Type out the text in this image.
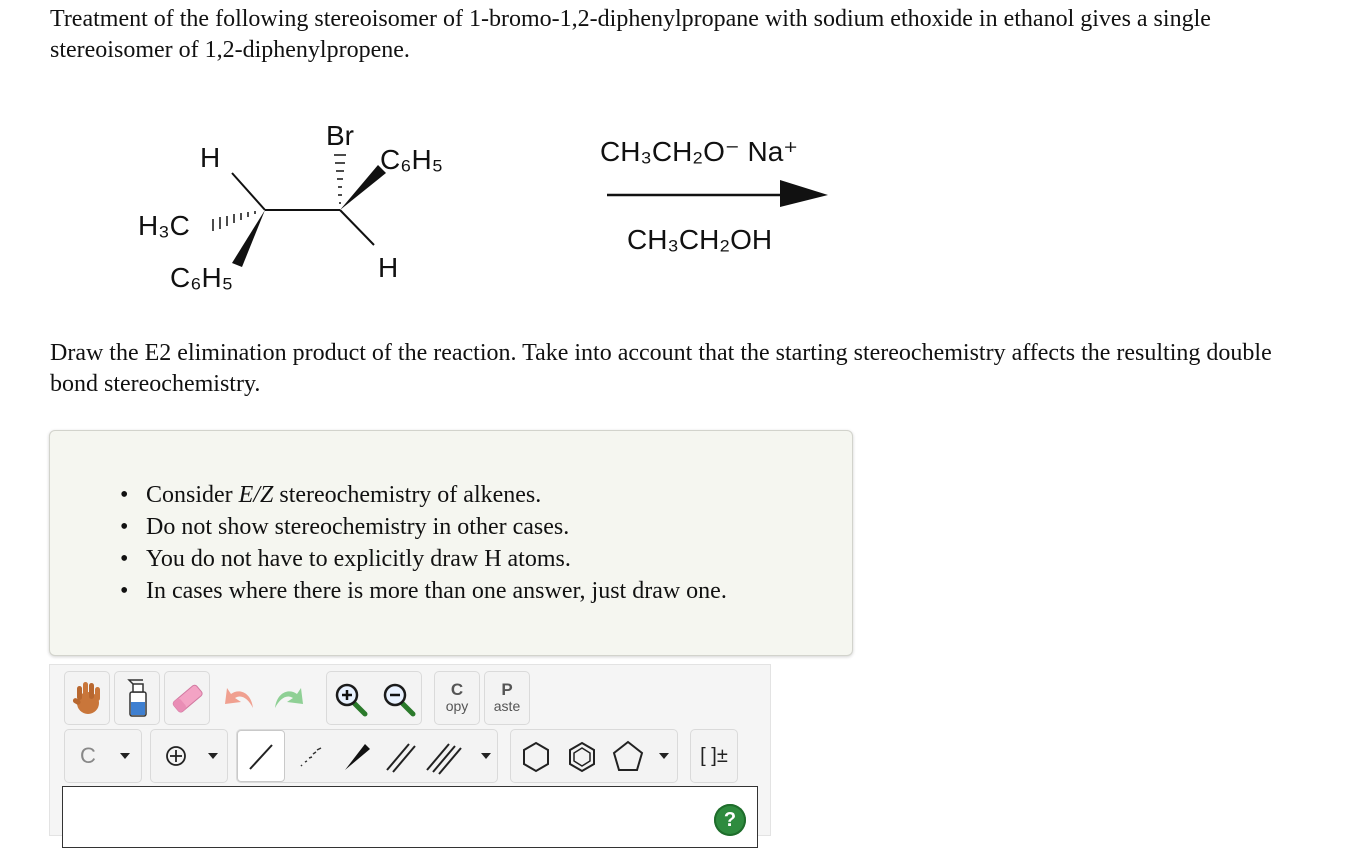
Treatment of the following stereoisomer of 1-bromo-1,2-diphenylpropane with sodium ethoxide in ethanol gives a single stereoisomer of 1,2-diphenylpropene.
H
H₃C
C₆H₅
Br
C₆H₅
H
CH₃CH₂O⁻ Na⁺
CH₃CH₂OH
Draw the E2 elimination product of the reaction. Take into account that the starting stereochemistry affects the resulting double bond stereochemistry.
• Consider E/Z stereochemistry of alkenes.
• Do not show stereochemistry in other cases.
• You do not have to explicitly draw H atoms.
• In cases where there is more than one answer, just draw one.
C
opy
P
aste
C	[ ]±
?
